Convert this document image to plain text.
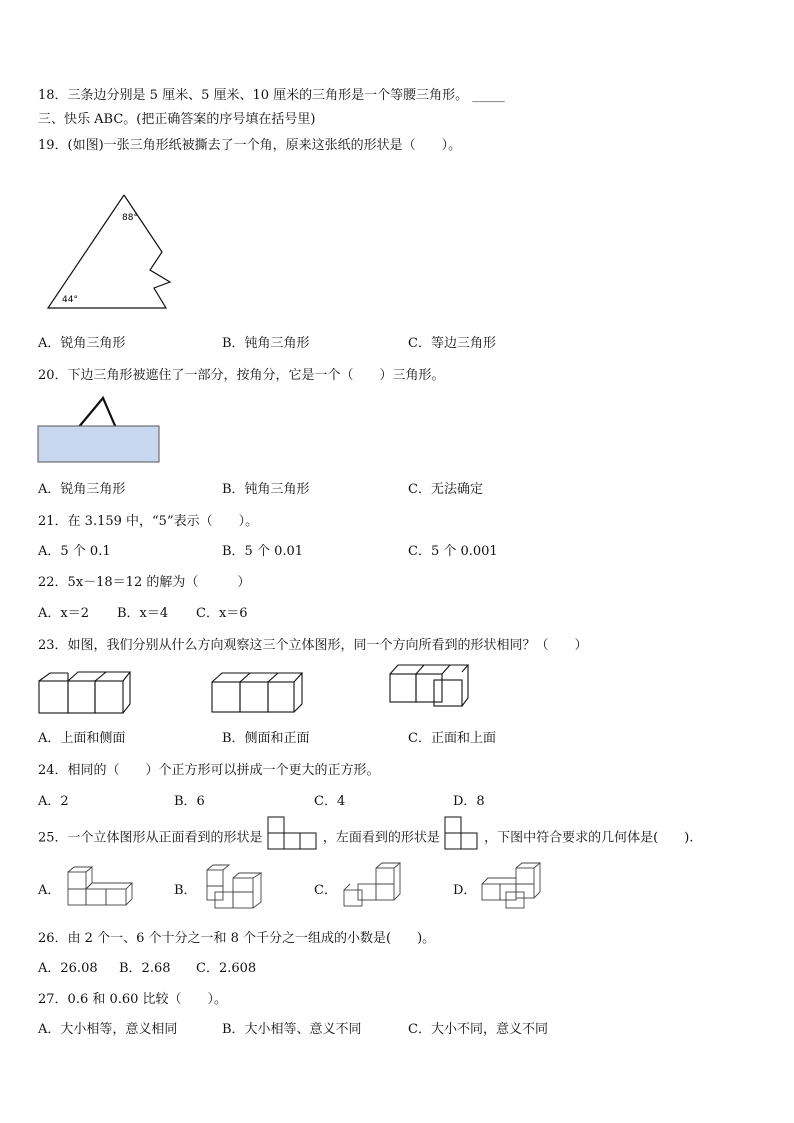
18．三条边分别是 5 厘米、5 厘米、10 厘米的三角形是一个等腰三角形。 _____
三、快乐 ABC。(把正确答案的序号填在括号里)
19．(如图)一张三角形纸被撕去了一个角，原来这张纸的形状是（　　）。
88°
44°
A．锐角三角形	B．钝角三角形	C．等边三角形
20．下边三角形被遮住了一部分，按角分，它是一个（　　）三角形。
A．锐角三角形	B．钝角三角形	C．无法确定
21．在 3.159 中，“5”表示（　　）。
A．5 个 0.1	B．5 个 0.01	C．5 个 0.001
22．5x－18＝12 的解为（　　　）
A．x＝2 B．x＝4 C．x＝6
23．如图，我们分别从什么方向观察这三个立体图形，同一个方向所看到的形状相同？（　　）
A．上面和侧面	B．侧面和正面	C．正面和上面
24．相同的（　　）个正方形可以拼成一个更大的正方形。
A．2	B．6	C．4	D．8
25．一个立体图形从正面看到的形状是	，左面看到的形状是	，下图中符合要求的几何体是(　　).
A．	B．	C．	D．
26．由 2 个一、6 个十分之一和 8 个千分之一组成的小数是(　　)。
A．26.08 B．2.68 C．2.608
27．0.6 和 0.60 比较（　　）。
A．大小相等，意义相同	B．大小相等、意义不同	C．大小不同，意义不同
